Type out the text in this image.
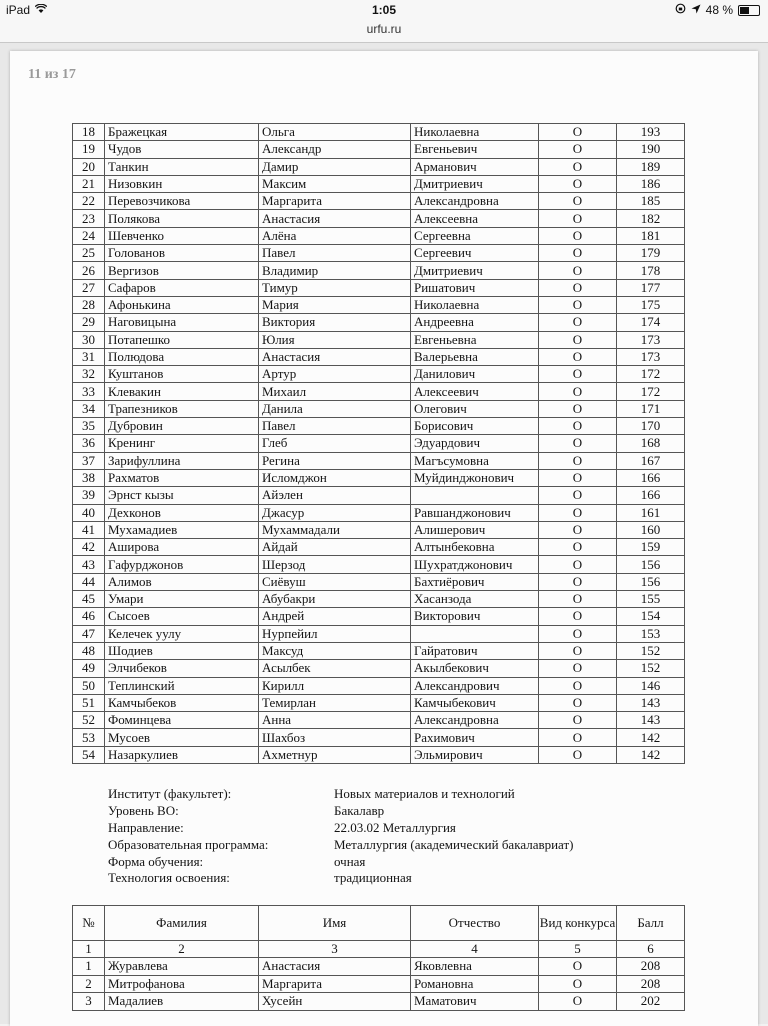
iPad	1:05	48 %
urfu.ru
11 из 17
18	Бражецкая	Ольга	Николаевна	О	193
19	Чудов	Александр	Евгеньевич	О	190
20	Танкин	Дамир	Арманович	О	189
21	Низовкин	Максим	Дмитриевич	О	186
22	Перевозчикова	Маргарита	Александровна	О	185
23	Полякова	Анастасия	Алексеевна	О	182
24	Шевченко	Алёна	Сергеевна	О	181
25	Голованов	Павел	Сергеевич	О	179
26	Вергизов	Владимир	Дмитриевич	О	178
27	Сафаров	Тимур	Ришатович	О	177
28	Афонькина	Мария	Николаевна	О	175
29	Наговицына	Виктория	Андреевна	О	174
30	Потапешко	Юлия	Евгеньевна	О	173
31	Полюдова	Анастасия	Валерьевна	О	173
32	Куштанов	Артур	Данилович	О	172
33	Клевакин	Михаил	Алексеевич	О	172
34	Трапезников	Данила	Олегович	О	171
35	Дубровин	Павел	Борисович	О	170
36	Кренинг	Глеб	Эдуардович	О	168
37	Зарифуллина	Регина	Магъсумовна	О	167
38	Рахматов	Исломджон	Муйдинджонович	О	166
39	Эрнст кызы	Айэлен		О	166
40	Дехконов	Джасур	Равшанджонович	О	161
41	Мухамадиев	Мухаммадали	Алишерович	О	160
42	Аширова	Айдай	Алтынбековна	О	159
43	Гафурджонов	Шерзод	Шухратджонович	О	156
44	Алимов	Сиёвуш	Бахтиёрович	О	156
45	Умари	Абубакри	Хасанзода	О	155
46	Сысоев	Андрей	Викторович	О	154
47	Келечек уулу	Нурпейил		О	153
48	Шодиев	Максуд	Гайратович	О	152
49	Элчибеков	Асылбек	Акылбекович	О	152
50	Теплинский	Кирилл	Александрович	О	146
51	Камчыбеков	Темирлан	Камчыбекович	О	143
52	Фоминцева	Анна	Александровна	О	143
53	Мусоев	Шахбоз	Рахимович	О	142
54	Назаркулиев	Ахметнур	Эльмирович	О	142
Институт (факультет):	Новых материалов и технологий
Уровень ВО:	Бакалавр
Направление:	22.03.02 Металлургия
Образовательная программа:	Металлургия (академический бакалавриат)
Форма обучения:	очная
Технология освоения:	традиционная
№	Фамилия	Имя	Отчество	Вид конкурса	Балл
1	2	3	4	5	6
1	Журавлева	Анастасия	Яковлевна	О	208
2	Митрофанова	Маргарита	Романовна	О	208
3	Мадалиев	Хусейн	Маматович	О	202
